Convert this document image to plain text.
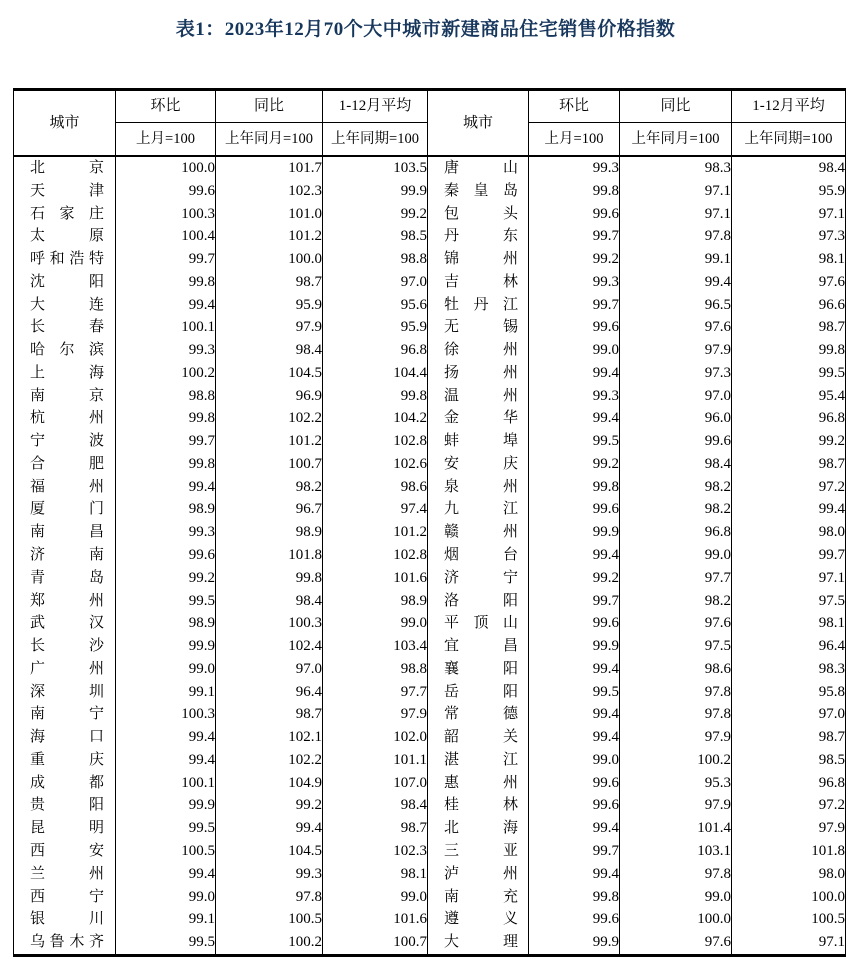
表1：2023年12月70个大中城市新建商品住宅销售价格指数
城市	环比	同比	1-12月平均	城市	环比	同比	1-12月平均
	上月=100	上年同月=100	上年同期=100		上月=100	上年同月=100	上年同期=100
北京	100.0	101.7	103.5	唐山	99.3	98.3	98.4
天津	99.6	102.3	99.9	秦皇岛	99.8	97.1	95.9
石家庄	100.3	101.0	99.2	包头	99.6	97.1	97.1
太原	100.4	101.2	98.5	丹东	99.7	97.8	97.3
呼和浩特	99.7	100.0	98.8	锦州	99.2	99.1	98.1
沈阳	99.8	98.7	97.0	吉林	99.3	99.4	97.6
大连	99.4	95.9	95.6	牡丹江	99.7	96.5	96.6
长春	100.1	97.9	95.9	无锡	99.6	97.6	98.7
哈尔滨	99.3	98.4	96.8	徐州	99.0	97.9	99.8
上海	100.2	104.5	104.4	扬州	99.4	97.3	99.5
南京	98.8	96.9	99.8	温州	99.3	97.0	95.4
杭州	99.8	102.2	104.2	金华	99.4	96.0	96.8
宁波	99.7	101.2	102.8	蚌埠	99.5	99.6	99.2
合肥	99.8	100.7	102.6	安庆	99.2	98.4	98.7
福州	99.4	98.2	98.6	泉州	99.8	98.2	97.2
厦门	98.9	96.7	97.4	九江	99.6	98.2	99.4
南昌	99.3	98.9	101.2	赣州	99.9	96.8	98.0
济南	99.6	101.8	102.8	烟台	99.4	99.0	99.7
青岛	99.2	99.8	101.6	济宁	99.2	97.7	97.1
郑州	99.5	98.4	98.9	洛阳	99.7	98.2	97.5
武汉	98.9	100.3	99.0	平顶山	99.6	97.6	98.1
长沙	99.9	102.4	103.4	宜昌	99.9	97.5	96.4
广州	99.0	97.0	98.8	襄阳	99.4	98.6	98.3
深圳	99.1	96.4	97.7	岳阳	99.5	97.8	95.8
南宁	100.3	98.7	97.9	常德	99.4	97.8	97.0
海口	99.4	102.1	102.0	韶关	99.4	97.9	98.7
重庆	99.4	102.2	101.1	湛江	99.0	100.2	98.5
成都	100.1	104.9	107.0	惠州	99.6	95.3	96.8
贵阳	99.9	99.2	98.4	桂林	99.6	97.9	97.2
昆明	99.5	99.4	98.7	北海	99.4	101.4	97.9
西安	100.5	104.5	102.3	三亚	99.7	103.1	101.8
兰州	99.4	99.3	98.1	泸州	99.4	97.8	98.0
西宁	99.0	97.8	99.0	南充	99.8	99.0	100.0
银川	99.1	100.5	101.6	遵义	99.6	100.0	100.5
乌鲁木齐	99.5	100.2	100.7	大理	99.9	97.6	97.1
